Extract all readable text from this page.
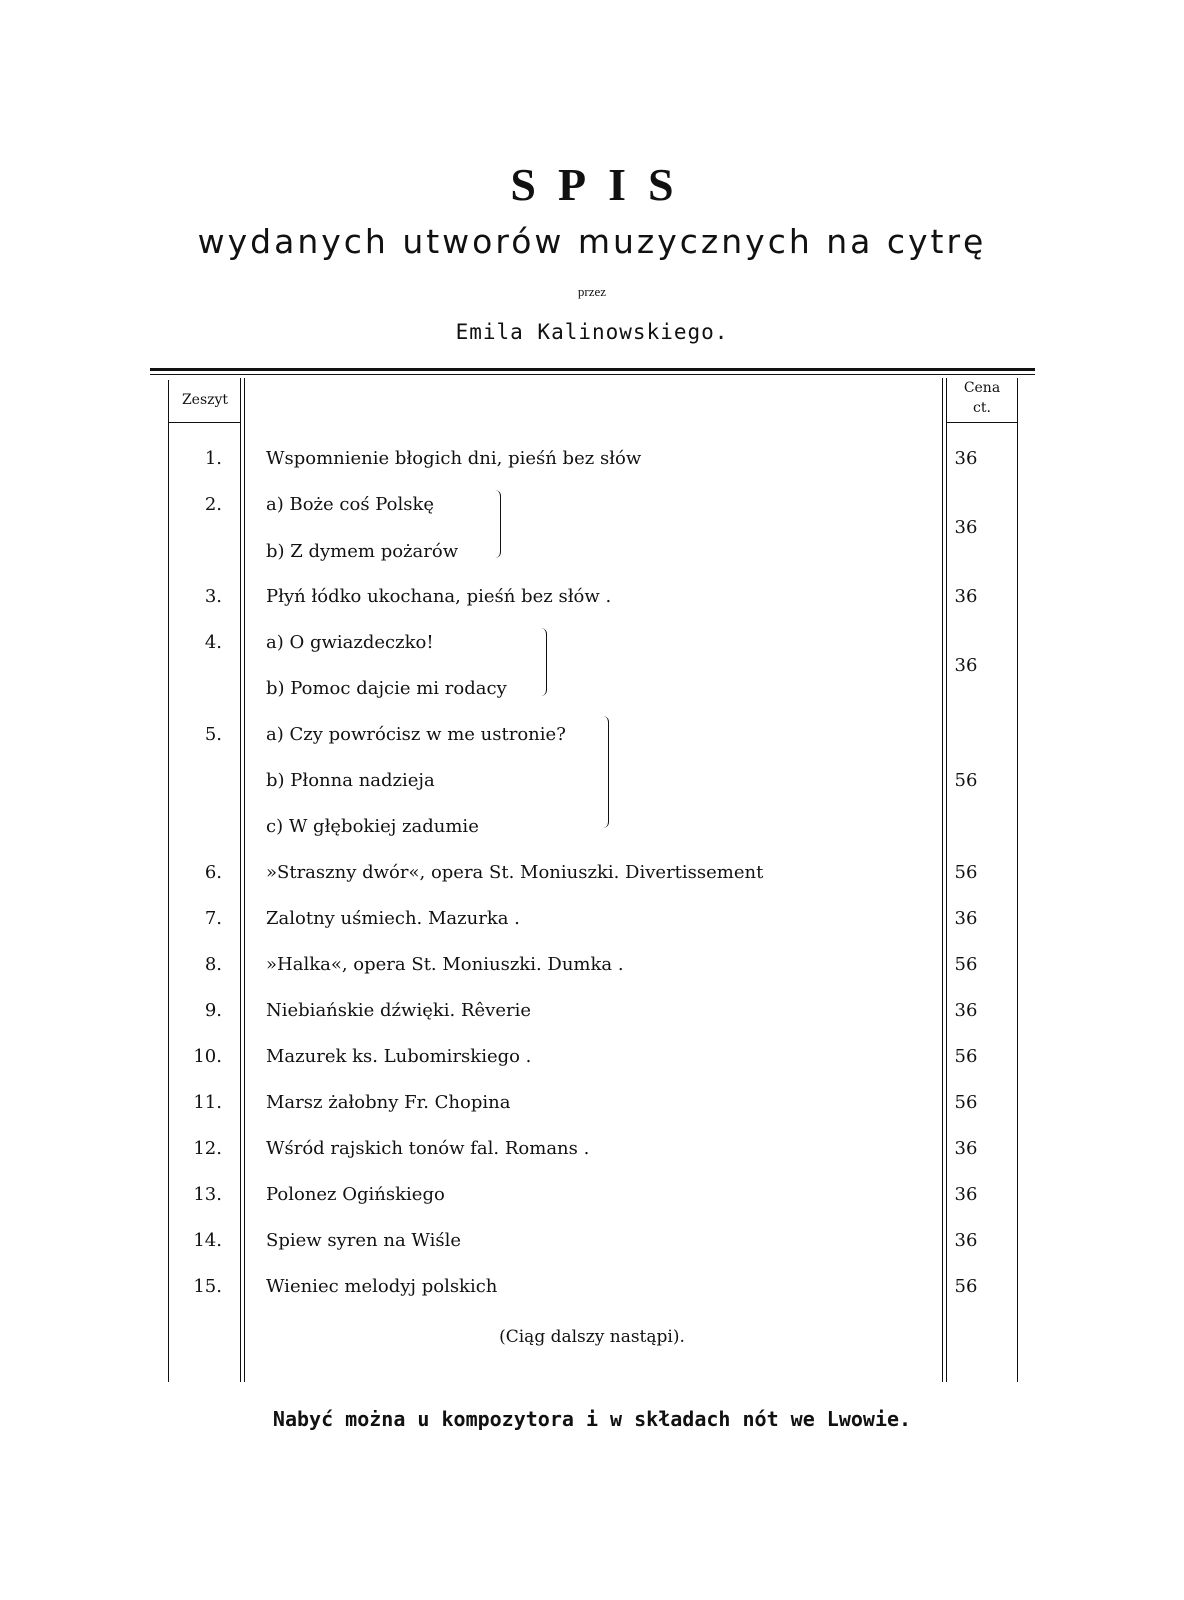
SPIS
wydanych utworów muzycznych na cytrę
przez
Emila Kalinowskiego.
Zeszyt
Cena
ct.
1. Wspomnienie błogich dni, pieśń bez słów	36
2. a) Boże coś Polskę
b) Z dymem pożarów
36
3. Płyń łódko ukochana, pieśń bez słów .	36
4. a) O gwiazdeczko!
b) Pomoc dajcie mi rodacy
36
5. a) Czy powrócisz w me ustronie?
b) Płonna nadzieja
c) W głębokiej zadumie
56
6. »Straszny dwór«, opera St. Moniuszki. Divertissement	56
7. Zalotny uśmiech. Mazurka .	36
8. »Halka«, opera St. Moniuszki. Dumka .	56
9. Niebiańskie dźwięki. Rêverie	36
10. Mazurek ks. Lubomirskiego .	56
11. Marsz żałobny Fr. Chopina	56
12. Wśród rajskich tonów fal. Romans .	36
13. Polonez Ogińskiego	36
14. Spiew syren na Wiśle	36
15. Wieniec melodyj polskich	56
(Ciąg dalszy nastąpi).
Nabyć można u kompozytora i w składach nót we Lwowie.
